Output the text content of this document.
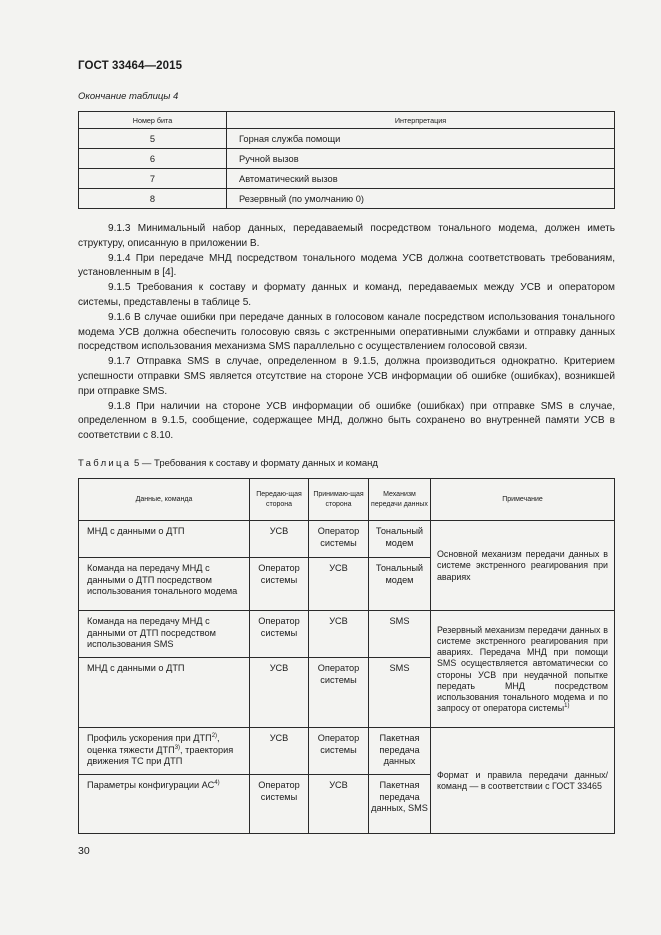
ГОСТ 33464—2015
Окончание таблицы 4
Номер бита	Интерпретация
5	Горная служба помощи
6	Ручной вызов
7	Автоматический вызов
8	Резервный (по умолчанию 0)

9.1.3 Минимальный набор данных, передаваемый посредством тонального модема, должен иметь структуру, описанную в приложении В.

9.1.4 При передаче МНД посредством тонального модема УСВ должна соответствовать требованиям, установленным в [4].

9.1.5 Требования к составу и формату данных и команд, передаваемых между УСВ и оператором системы, представлены в таблице 5.

9.1.6 В случае ошибки при передаче данных в голосовом канале посредством использования тонального модема УСВ должна обеспечить голосовую связь с экстренными оперативными службами и отправку данных посредством использования механизма SMS параллельно с осуществлением голосовой связи.

9.1.7 Отправка SMS в случае, определенном в 9.1.5, должна производиться однократно. Критерием успешности отправки SMS является отсутствие на стороне УСВ информации об ошибке (ошибках), возникшей при отправке SMS.

9.1.8 При наличии на стороне УСВ информации об ошибке (ошибках) при отправке SMS в случае, определенном в 9.1.5, сообщение, содержащее МНД, должно быть сохранено во внутренней памяти УСВ в соответствии с 8.10.

Таблица 5 — Требования к составу и формату данных и команд
Данные, команда	Передаю-щая сторона	Принимаю-щая сторона	Механизм передачи данных	Примечание
МНД с данными о ДТП	УСВ	Оператор системы	Тональный модем	Основной механизм передачи данных в системе экстренного реагирования при авариях
Команда на передачу МНД с данными о ДТП посредством использования тонального модема	Оператор системы	УСВ	Тональный модем	
Команда на передачу МНД с данными от ДТП посредством использования SMS	Оператор системы	УСВ	SMS	Резервный механизм передачи данных в системе экстренного реагирования при авариях. Передача МНД при помощи SMS осуществляется автоматически со стороны УСВ при неудачной попытке передать МНД посредством использования тонального модема и по запросу от оператора системы$^{1)}$
МНД с данными о ДТП	УСВ	Оператор системы	SMS	
Профиль ускорения при ДТП$^{2)}$, оценка тяжести ДТП$^{3)}$, траектория движения ТС при ДТП	УСВ	Оператор системы	Пакетная передача данных	Формат и правила передачи данных/команд — в соответствии с ГОСТ 33465
Параметры конфигурации АС$^{4)}$	Оператор системы	УСВ	Пакетная передача данных, SMS	
30
